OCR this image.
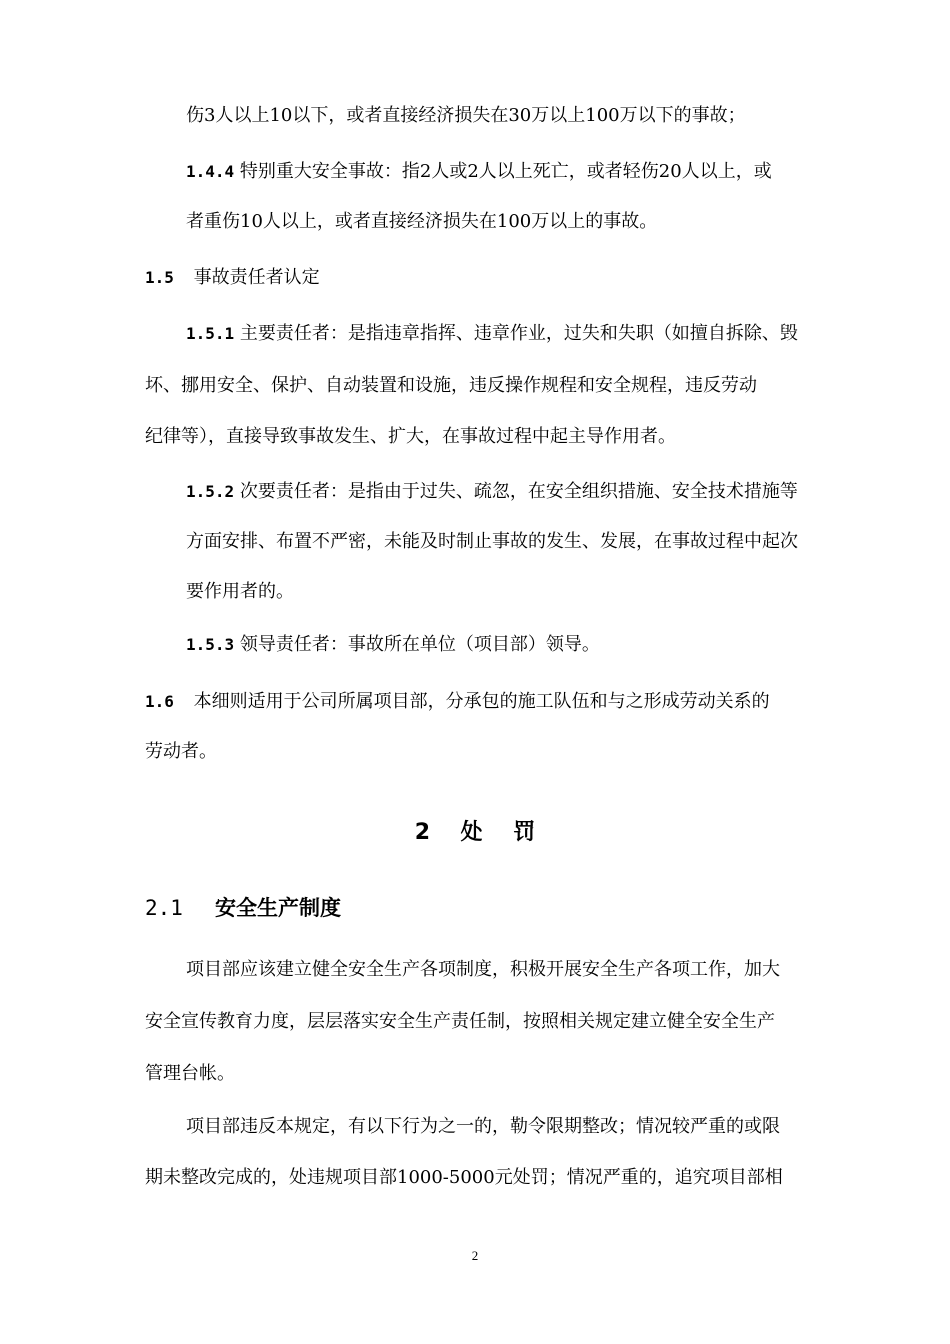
伤3人以上10以下，或者直接经济损失在30万以上100万以下的事故；
1.4.4 特别重大安全事故：指2人或2人以上死亡，或者轻伤20人以上，或
者重伤10人以上，或者直接经济损失在100万以上的事故。
1.5 事故责任者认定
1.5.1 主要责任者：是指违章指挥、违章作业，过失和失职（如擅自拆除、毁
坏、挪用安全、保护、自动装置和设施，违反操作规程和安全规程，违反劳动
纪律等），直接导致事故发生、扩大，在事故过程中起主导作用者。
1.5.2 次要责任者：是指由于过失、疏忽，在安全组织措施、安全技术措施等
方面安排、布置不严密，未能及时制止事故的发生、发展，在事故过程中起次
要作用者的。
1.5.3 领导责任者：事故所在单位（项目部）领导。
1.6 本细则适用于公司所属项目部，分承包的施工队伍和与之形成劳动关系的
劳动者。
2    处    罚
2.1 安全生产制度
项目部应该建立健全安全生产各项制度，积极开展安全生产各项工作，加大
安全宣传教育力度，层层落实安全生产责任制，按照相关规定建立健全安全生产
管理台帐。
项目部违反本规定，有以下行为之一的，勒令限期整改；情况较严重的或限
期未整改完成的，处违规项目部1000-5000元处罚；情况严重的，追究项目部相
2
